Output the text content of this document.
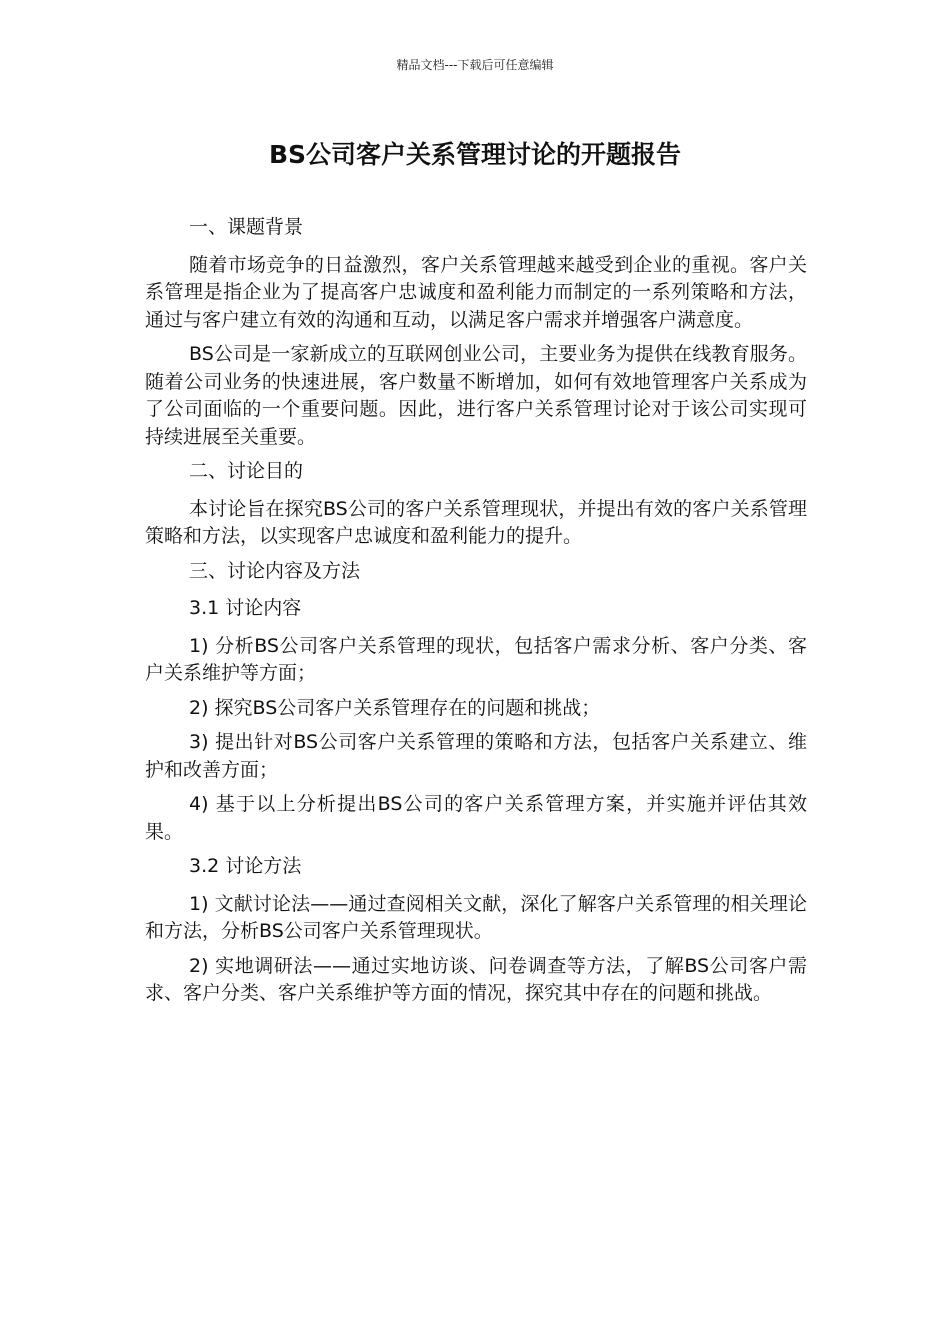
精品文档---下载后可任意编辑
BS公司客户关系管理讨论的开题报告

一、课题背景

随着市场竞争的日益激烈，客户关系管理越来越受到企业的重视。客户关系管理是指企业为了提高客户忠诚度和盈利能力而制定的一系列策略和方法，通过与客户建立有效的沟通和互动，以满足客户需求并增强客户满意度。

BS公司是一家新成立的互联网创业公司，主要业务为提供在线教育服务。随着公司业务的快速进展，客户数量不断增加，如何有效地管理客户关系成为了公司面临的一个重要问题。因此，进行客户关系管理讨论对于该公司实现可持续进展至关重要。

二、讨论目的

本讨论旨在探究BS公司的客户关系管理现状，并提出有效的客户关系管理策略和方法，以实现客户忠诚度和盈利能力的提升。

三、讨论内容及方法

3.1 讨论内容

1) 分析BS公司客户关系管理的现状，包括客户需求分析、客户分类、客户关系维护等方面；

2) 探究BS公司客户关系管理存在的问题和挑战；

3) 提出针对BS公司客户关系管理的策略和方法，包括客户关系建立、维护和改善方面；

4) 基于以上分析提出BS公司的客户关系管理方案，并实施并评估其效果。

3.2 讨论方法

1) 文献讨论法——通过查阅相关文献，深化了解客户关系管理的相关理论和方法，分析BS公司客户关系管理现状。

2) 实地调研法——通过实地访谈、问卷调查等方法，了解BS公司客户需求、客户分类、客户关系维护等方面的情况，探究其中存在的问题和挑战。
